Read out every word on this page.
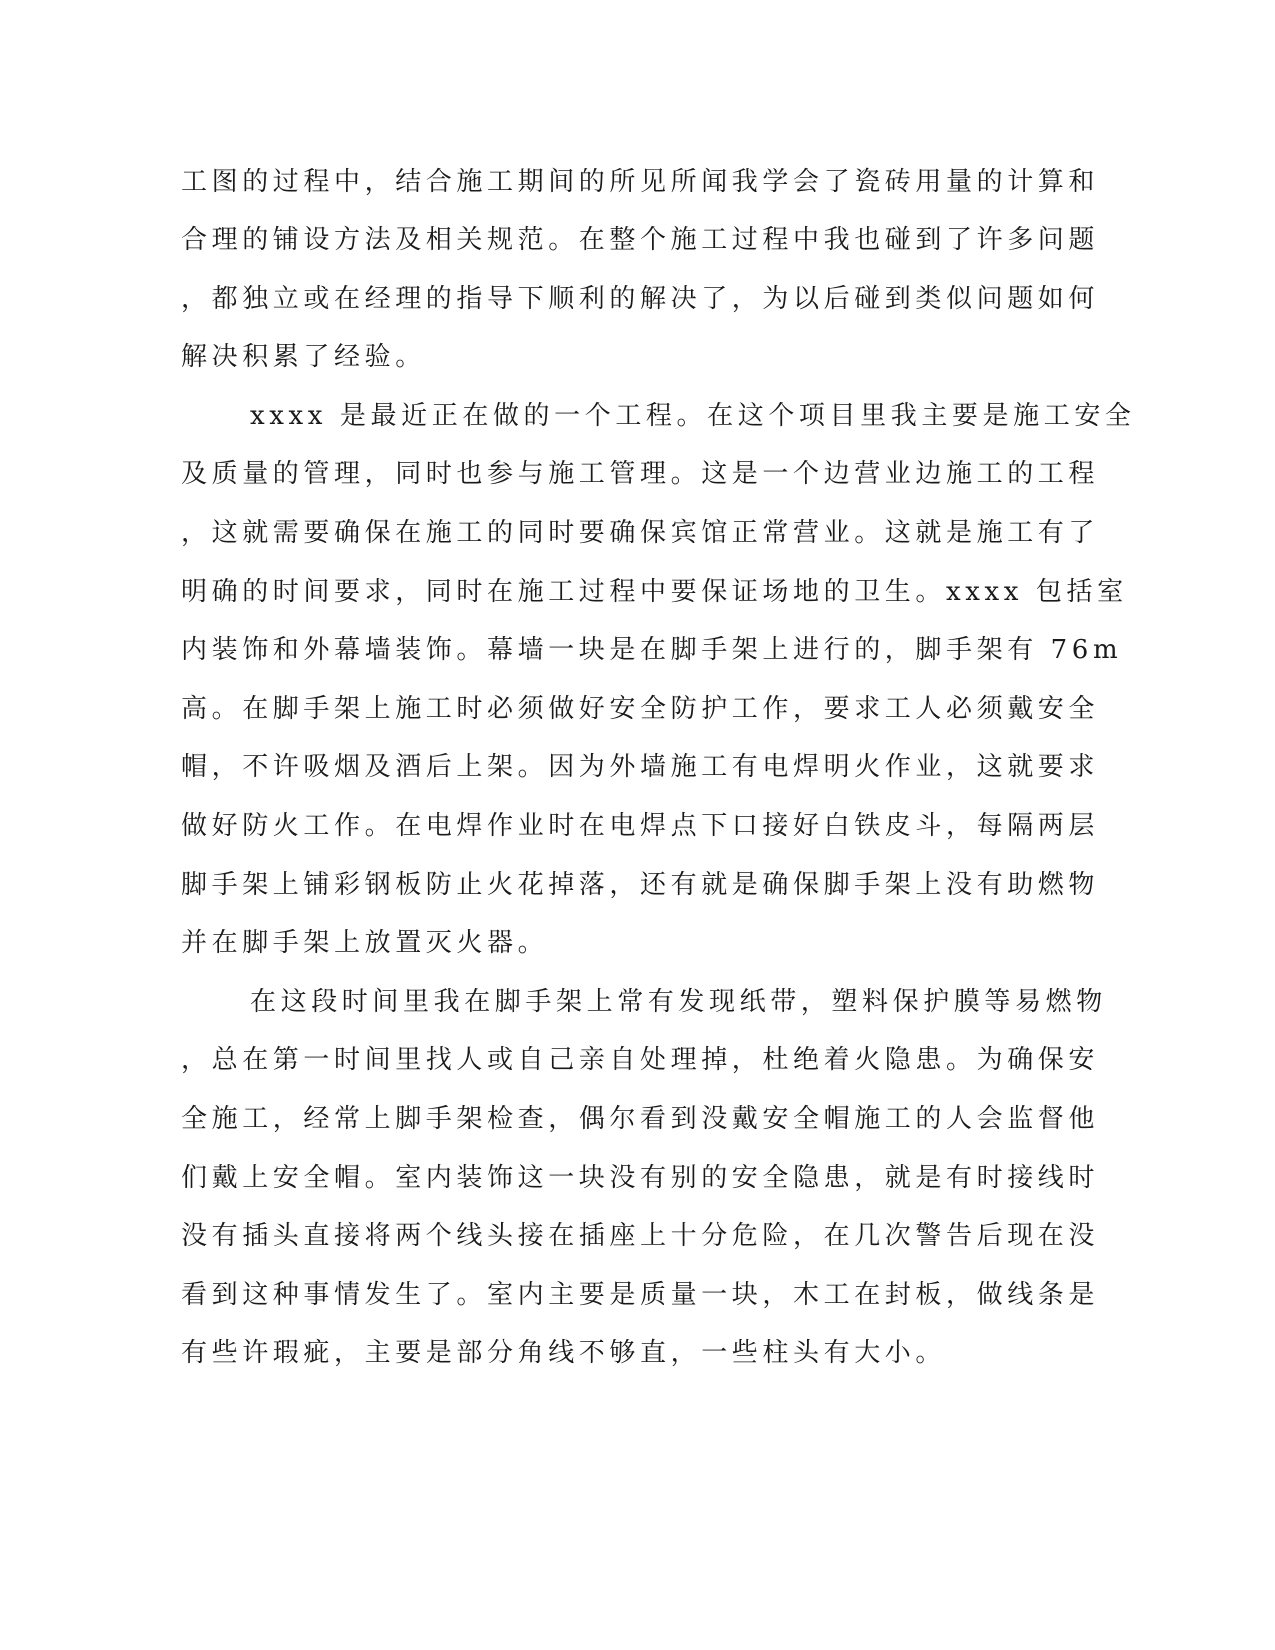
工图的过程中，结合施工期间的所见所闻我学会了瓷砖用量的计算和
合理的铺设方法及相关规范。在整个施工过程中我也碰到了许多问题
，都独立或在经理的指导下顺利的解决了，为以后碰到类似问题如何
解决积累了经验。
xxxx 是最近正在做的一个工程。在这个项目里我主要是施工安全
及质量的管理，同时也参与施工管理。这是一个边营业边施工的工程
，这就需要确保在施工的同时要确保宾馆正常营业。这就是施工有了
明确的时间要求，同时在施工过程中要保证场地的卫生。xxxx 包括室
内装饰和外幕墙装饰。幕墙一块是在脚手架上进行的，脚手架有 76m
高。在脚手架上施工时必须做好安全防护工作，要求工人必须戴安全
帽，不许吸烟及酒后上架。因为外墙施工有电焊明火作业，这就要求
做好防火工作。在电焊作业时在电焊点下口接好白铁皮斗，每隔两层
脚手架上铺彩钢板防止火花掉落，还有就是确保脚手架上没有助燃物
并在脚手架上放置灭火器。
在这段时间里我在脚手架上常有发现纸带，塑料保护膜等易燃物
，总在第一时间里找人或自己亲自处理掉，杜绝着火隐患。为确保安
全施工，经常上脚手架检查，偶尔看到没戴安全帽施工的人会监督他
们戴上安全帽。室内装饰这一块没有别的安全隐患，就是有时接线时
没有插头直接将两个线头接在插座上十分危险，在几次警告后现在没
看到这种事情发生了。室内主要是质量一块，木工在封板，做线条是
有些许瑕疵，主要是部分角线不够直，一些柱头有大小。
